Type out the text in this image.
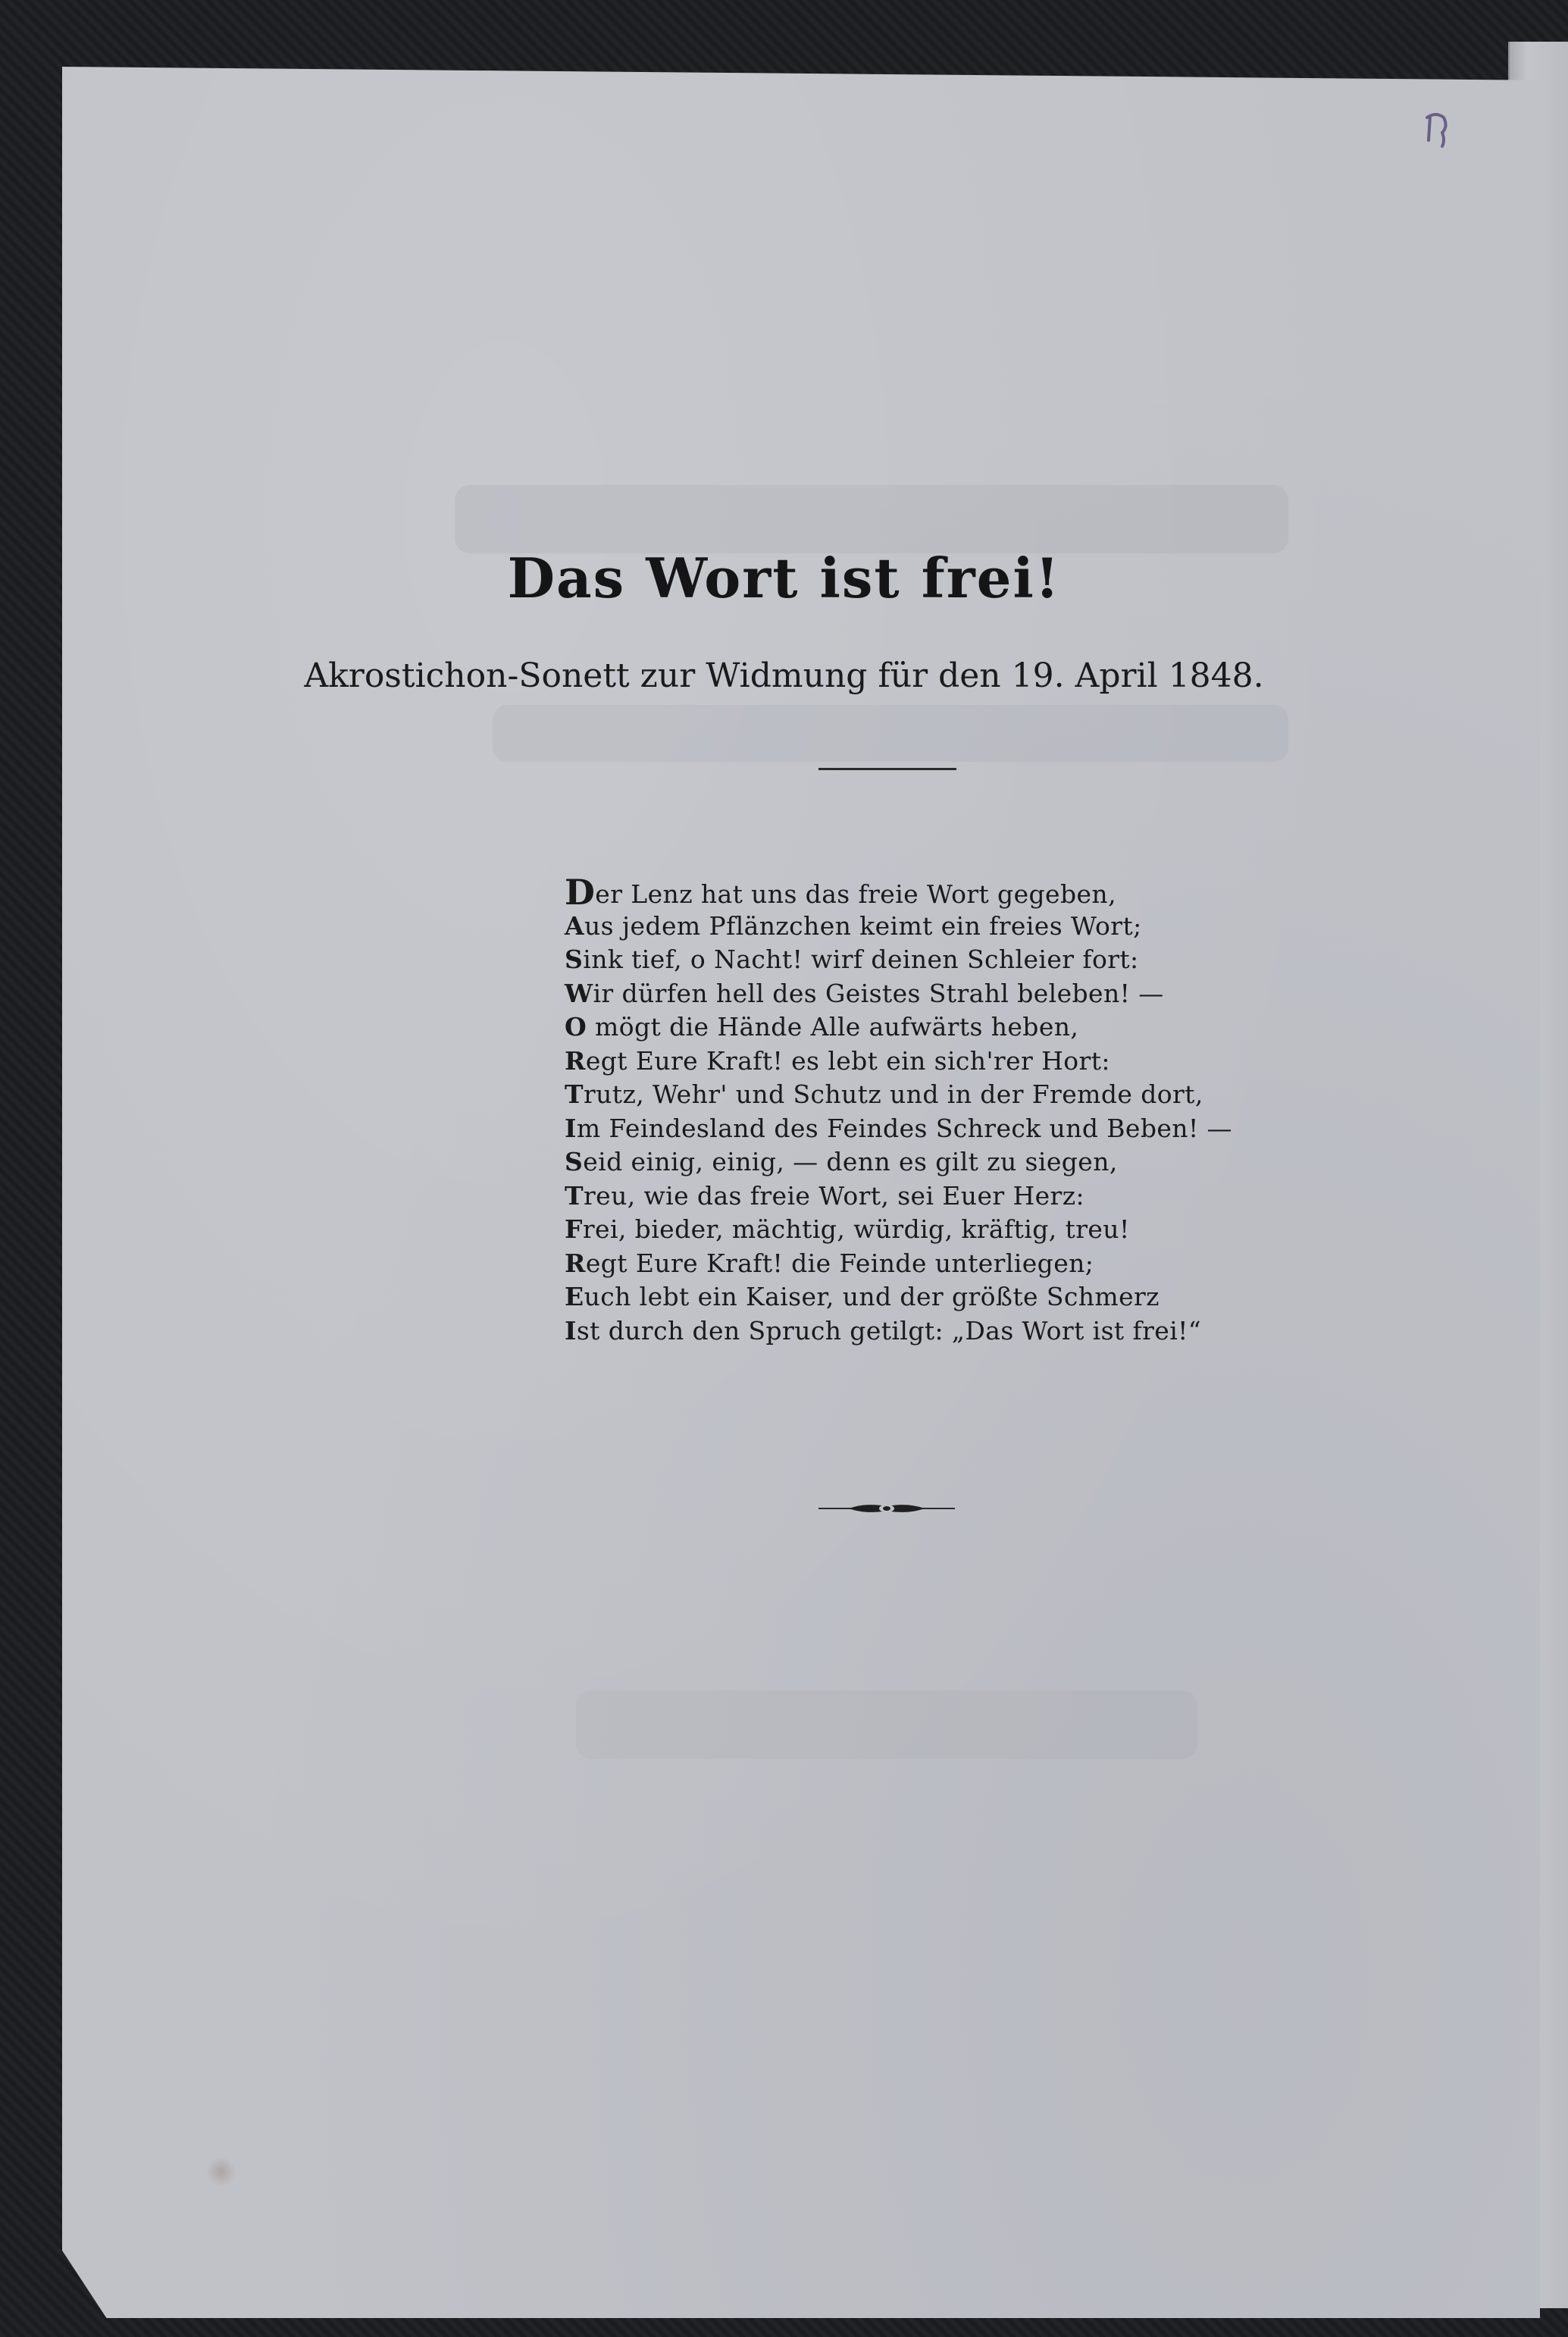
Das Wort ist frei!

Akrostichon-Sonett zur Widmung für den 19. April 1848.

Der Lenz hat uns das freie Wort gegeben,
Aus jedem Pflänzchen keimt ein freies Wort;
Sink tief, o Nacht! wirf deinen Schleier fort:
Wir dürfen hell des Geistes Strahl beleben! —
O mögt die Hände Alle aufwärts heben,
Regt Eure Kraft! es lebt ein sich'rer Hort:
Trutz, Wehr' und Schutz und in der Fremde dort,
Im Feindesland des Feindes Schreck und Beben! —
Seid einig, einig, — denn es gilt zu siegen,
Treu, wie das freie Wort, sei Euer Herz:
Frei, bieder, mächtig, würdig, kräftig, treu!
Regt Eure Kraft! die Feinde unterliegen;
Euch lebt ein Kaiser, und der größte Schmerz
Ist durch den Spruch getilgt: „Das Wort ist frei!“
